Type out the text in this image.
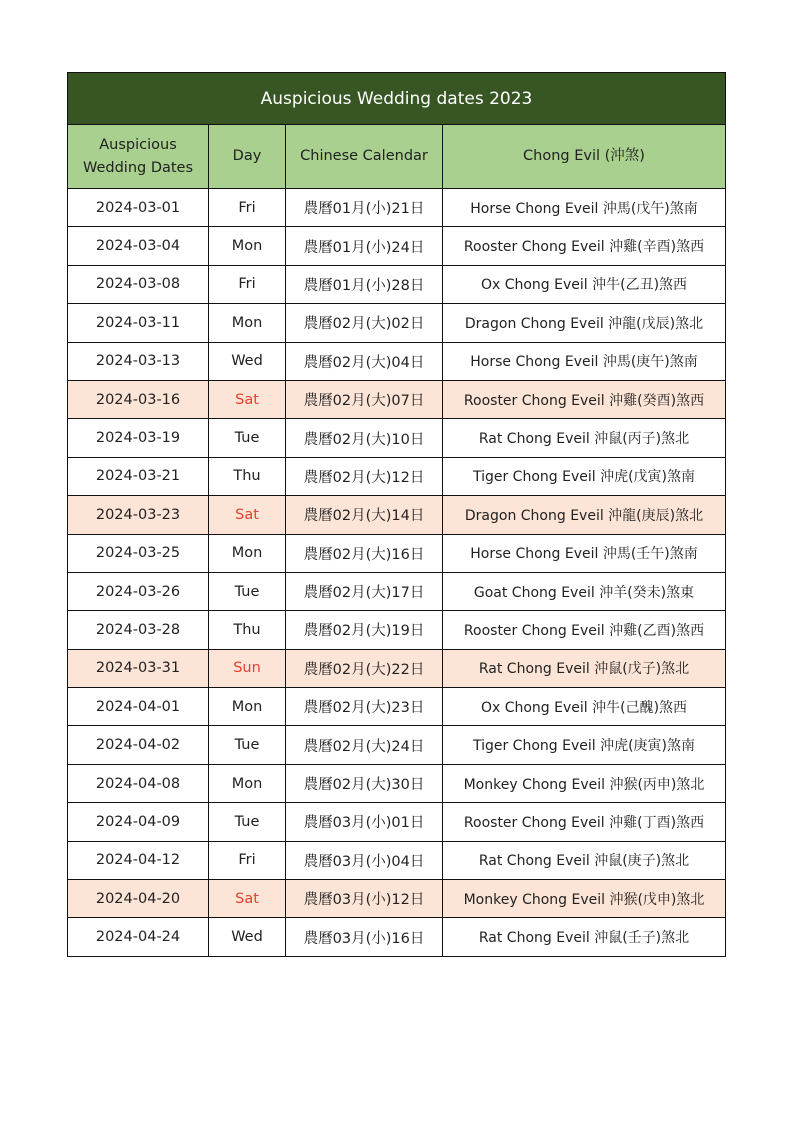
Auspicious Wedding dates 2023			
Auspicious Wedding Dates	Day	Chinese Calendar	Chong Evil (沖煞)
2024-03-01	Fri	農曆01月(小)21日	Horse Chong Eveil 沖馬(戊午)煞南
2024-03-04	Mon	農曆01月(小)24日	Rooster Chong Eveil 沖雞(辛酉)煞西
2024-03-08	Fri	農曆01月(小)28日	Ox Chong Eveil 沖牛(乙丑)煞西
2024-03-11	Mon	農曆02月(大)02日	Dragon Chong Eveil 沖龍(戊辰)煞北
2024-03-13	Wed	農曆02月(大)04日	Horse Chong Eveil 沖馬(庚午)煞南
2024-03-16	Sat	農曆02月(大)07日	Rooster Chong Eveil 沖雞(癸酉)煞西
2024-03-19	Tue	農曆02月(大)10日	Rat Chong Eveil 沖鼠(丙子)煞北
2024-03-21	Thu	農曆02月(大)12日	Tiger Chong Eveil 沖虎(戊寅)煞南
2024-03-23	Sat	農曆02月(大)14日	Dragon Chong Eveil 沖龍(庚辰)煞北
2024-03-25	Mon	農曆02月(大)16日	Horse Chong Eveil 沖馬(壬午)煞南
2024-03-26	Tue	農曆02月(大)17日	Goat Chong Eveil 沖羊(癸未)煞東
2024-03-28	Thu	農曆02月(大)19日	Rooster Chong Eveil 沖雞(乙酉)煞西
2024-03-31	Sun	農曆02月(大)22日	Rat Chong Eveil 沖鼠(戊子)煞北
2024-04-01	Mon	農曆02月(大)23日	Ox Chong Eveil 沖牛(己醜)煞西
2024-04-02	Tue	農曆02月(大)24日	Tiger Chong Eveil 沖虎(庚寅)煞南
2024-04-08	Mon	農曆02月(大)30日	Monkey Chong Eveil 沖猴(丙申)煞北
2024-04-09	Tue	農曆03月(小)01日	Rooster Chong Eveil 沖雞(丁酉)煞西
2024-04-12	Fri	農曆03月(小)04日	Rat Chong Eveil 沖鼠(庚子)煞北
2024-04-20	Sat	農曆03月(小)12日	Monkey Chong Eveil 沖猴(戊申)煞北
2024-04-24	Wed	農曆03月(小)16日	Rat Chong Eveil 沖鼠(壬子)煞北
